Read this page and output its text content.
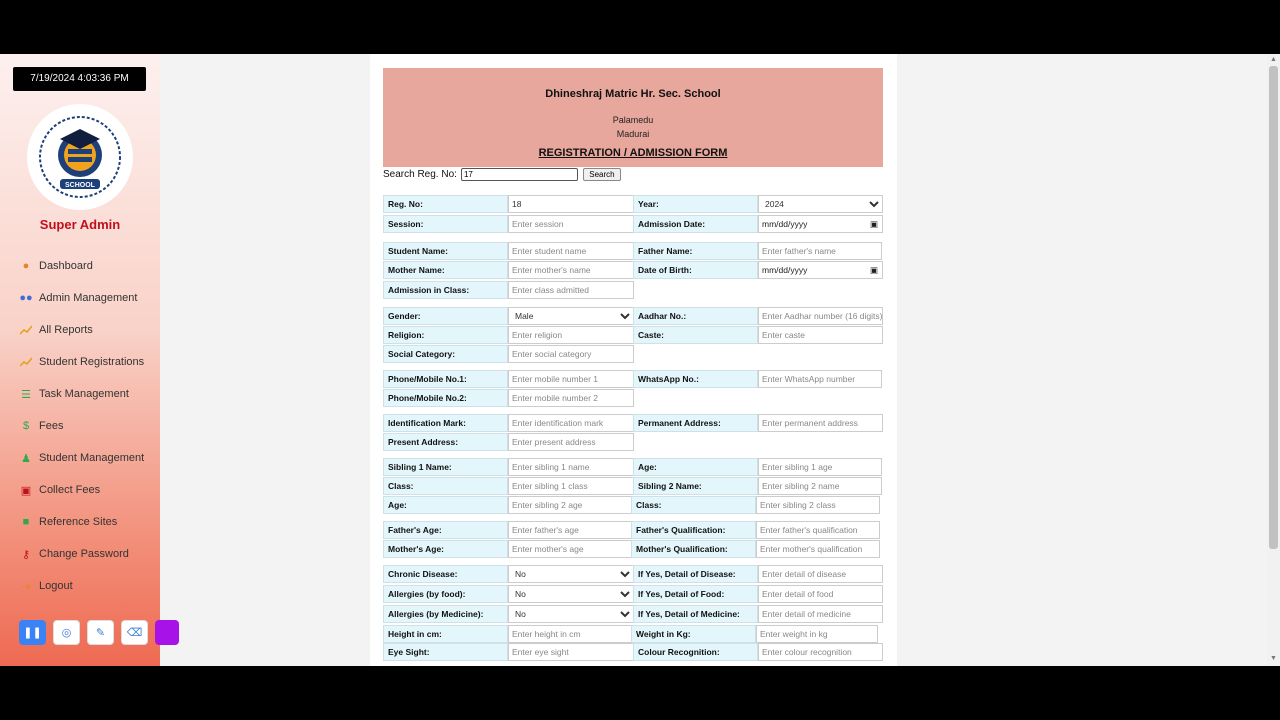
7/19/2024 4:03:36 PM
SCHOOL
Super Admin
● Dashboard
●● Admin Management
All Reports
Student Registrations
☰ Task Management
$ Fees
♟ Student Management
▣ Collect Fees
■ Reference Sites
⚷ Change Password
⇥ Logout
❚❚ ◎ ✎ ⌫
Dhineshraj Matric Hr. Sec. School
Palamedu
Madurai
REGISTRATION / ADMISSION FORM
Search Reg. No:
17	Search
Reg. No:
18	Year:
2024
Session:
Enter session	Admission Date:	mm/dd/yyyy	▣
Student Name:
Enter student name	Father Name:
Enter father's name
Mother Name:
Enter mother's name	Date of Birth:	mm/dd/yyyy	▣
Admission in Class:
Enter class admitted
Gender:
Male	Aadhar No.:
Enter Aadhar number (16 digits)
Religion:
Enter religion	Caste:
Enter caste
Social Category:
Enter social category
Phone/Mobile No.1:
Enter mobile number 1	WhatsApp No.:
Enter WhatsApp number
Phone/Mobile No.2:
Enter mobile number 2
Identification Mark:
Enter identification mark	Permanent Address:
Enter permanent address
Present Address:
Enter present address
Sibling 1 Name:
Enter sibling 1 name	Age:
Enter sibling 1 age
Class:
Enter sibling 1 class	Sibling 2 Name:
Enter sibling 2 name
Age:
Enter sibling 2 age	Class:
Enter sibling 2 class
Father's Age:
Enter father's age	Father's Qualification:
Enter father's qualification
Mother's Age:
Enter mother's age	Mother's Qualification:
Enter mother's qualification
Chronic Disease:
No	If Yes, Detail of Disease:
Enter detail of disease
Allergies (by food):
No	If Yes, Detail of Food:
Enter detail of food
Allergies (by Medicine):
No	If Yes, Detail of Medicine:
Enter detail of medicine
Height in cm:
Enter height in cm	Weight in Kg:
Enter weight in kg
Eye Sight:
Enter eye sight	Colour Recognition:
Enter colour recognition
▲
▼
